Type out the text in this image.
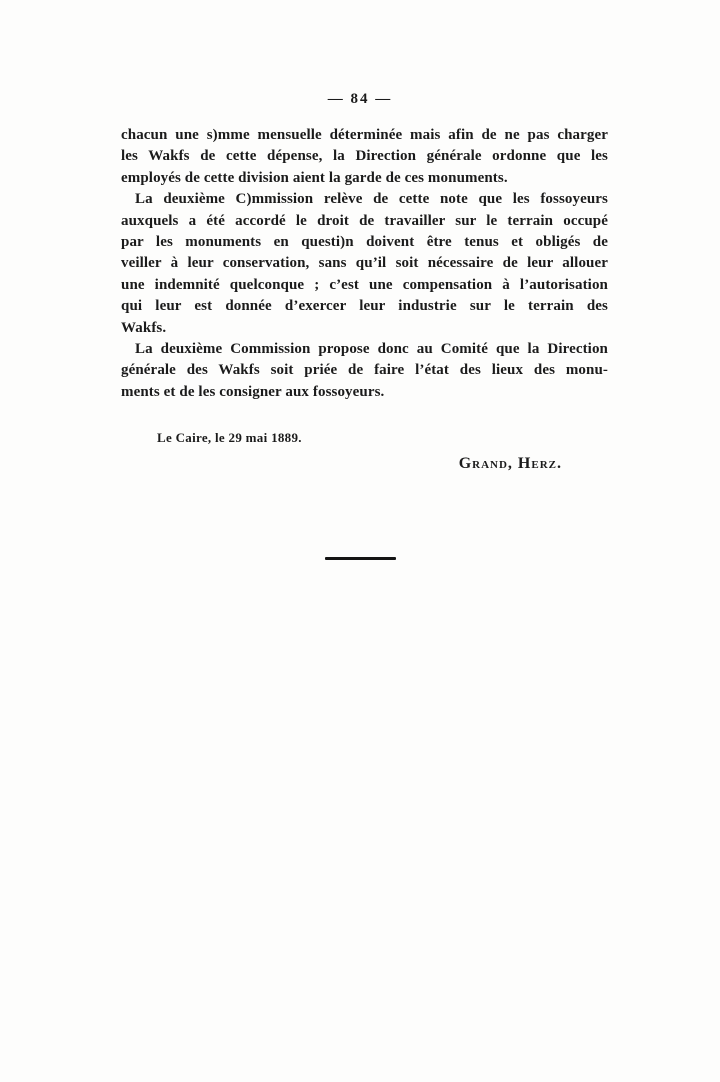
— 84 —
chacun une s)mme mensuelle déterminée mais afin de ne pas charger
les Wakfs de cette dépense, la Direction générale ordonne que les
employés de cette division aient la garde de ces monuments.
La deuxième C)mmission relève de cette note que les fossoyeurs
auxquels a été accordé le droit de travailler sur le terrain occupé
par les monuments en questi)n doivent être tenus et obligés de
veiller à leur conservation, sans qu’il soit nécessaire de leur allouer
une indemnité quelconque ; c’est une compensation à l’autorisation
qui leur est donnée d’exercer leur industrie sur le terrain des
Wakfs.
La deuxième Commission propose donc au Comité que la Direction
générale des Wakfs soit priée de faire l’état des lieux des monu-
ments et de les consigner aux fossoyeurs.
Le Caire, le 29 mai 1889.
Grand, Herz.
